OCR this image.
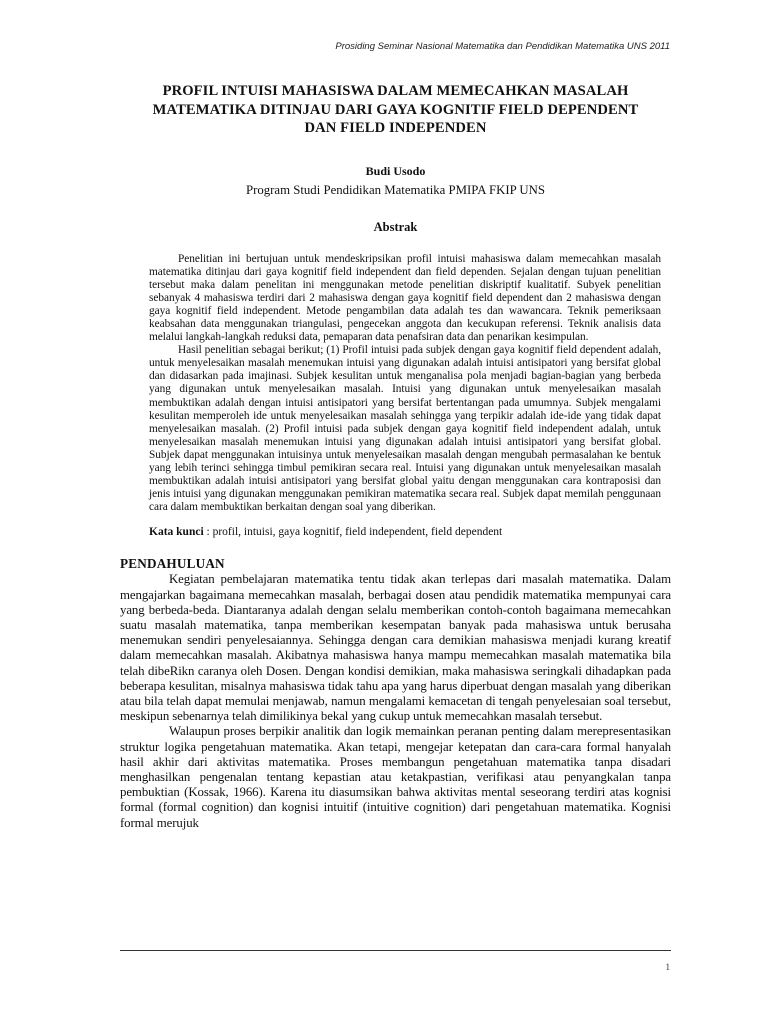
Prosiding Seminar Nasional Matematika dan Pendidikan Matematika UNS 2011
PROFIL INTUISI MAHASISWA DALAM MEMECAHKAN MASALAH
MATEMATIKA DITINJAU DARI GAYA KOGNITIF FIELD DEPENDENT
DAN FIELD INDEPENDEN
Budi Usodo
Program Studi Pendidikan Matematika PMIPA FKIP UNS
Abstrak

Penelitian ini bertujuan untuk mendeskripsikan profil intuisi mahasiswa dalam memecahkan masalah matematika ditinjau dari gaya kognitif field independent dan field dependen. Sejalan dengan tujuan penelitian tersebut maka dalam penelitan ini menggunakan metode penelitian diskriptif kualitatif. Subyek penelitian sebanyak 4 mahasiswa terdiri dari 2 mahasiswa dengan gaya kognitif field dependent dan 2 mahasiswa dengan gaya kognitif field independent. Metode pengambilan data adalah tes dan wawancara. Teknik pemeriksaan keabsahan data menggunakan triangulasi, pengecekan anggota dan kecukupan referensi. Teknik analisis data melalui langkah-langkah reduksi data, pemaparan data penafsiran data dan penarikan kesimpulan.

Hasil penelitian sebagai berikut; (1) Profil intuisi pada subjek dengan gaya kognitif field dependent adalah, untuk menyelesaikan masalah menemukan intuisi yang digunakan adalah intuisi antisipatori yang bersifat global dan didasarkan pada imajinasi. Subjek kesulitan untuk menganalisa pola menjadi bagian-bagian yang berbeda yang digunakan untuk menyelesaikan masalah. Intuisi yang digunakan untuk menyelesaikan masalah membuktikan adalah dengan intuisi antisipatori yang bersifat bertentangan pada umumnya. Subjek mengalami kesulitan memperoleh ide untuk menyelesaikan masalah sehingga yang terpikir adalah ide-ide yang tidak dapat menyelesaikan masalah. (2) Profil intuisi pada subjek dengan gaya kognitif field independent adalah, untuk menyelesaikan masalah menemukan intuisi yang digunakan adalah intuisi antisipatori yang bersifat global. Subjek dapat menggunakan intuisinya untuk menyelesaikan masalah dengan mengubah permasalahan ke bentuk yang lebih terinci sehingga timbul pemikiran secara real. Intuisi yang digunakan untuk menyelesaikan masalah membuktikan adalah intuisi antisipatori yang bersifat global yaitu dengan menggunakan cara kontraposisi dan jenis intuisi yang digunakan menggunakan pemikiran matematika secara real. Subjek dapat memilah penggunaan cara dalam membuktikan berkaitan dengan soal yang diberikan.

Kata kunci : profil, intuisi, gaya kognitif, field independent, field dependent
PENDAHULUAN

Kegiatan pembelajaran matematika tentu tidak akan terlepas dari masalah matematika. Dalam mengajarkan bagaimana memecahkan masalah, berbagai dosen atau pendidik matematika mempunyai cara yang berbeda-beda. Diantaranya adalah dengan selalu memberikan contoh-contoh bagaimana memecahkan suatu masalah matematika, tanpa memberikan kesempatan banyak pada mahasiswa untuk berusaha menemukan sendiri penyelesaiannya. Sehingga dengan cara demikian mahasiswa menjadi kurang kreatif dalam memecahkan masalah. Akibatnya mahasiswa hanya mampu memecahkan masalah matematika bila telah dibeRikn caranya oleh Dosen. Dengan kondisi demikian, maka mahasiswa seringkali dihadapkan pada beberapa kesulitan, misalnya mahasiswa tidak tahu apa yang harus diperbuat dengan masalah yang diberikan atau bila telah dapat memulai menjawab, namun mengalami kemacetan di tengah penyelesaian soal tersebut, meskipun sebenarnya telah dimilikinya bekal yang cukup untuk memecahkan masalah tersebut.

Walaupun proses berpikir analitik dan logik memainkan peranan penting dalam merepresentasikan struktur logika pengetahuan matematika. Akan tetapi, mengejar ketepatan dan cara-cara formal hanyalah hasil akhir dari aktivitas matematika. Proses membangun pengetahuan matematika tanpa disadari menghasilkan pengenalan tentang kepastian atau ketakpastian, verifikasi atau penyangkalan tanpa pembuktian (Kossak, 1966). Karena itu diasumsikan bahwa aktivitas mental seseorang terdiri atas kognisi formal (formal cognition) dan kognisi intuitif (intuitive cognition) dari pengetahuan matematika. Kognisi formal merujuk

1
